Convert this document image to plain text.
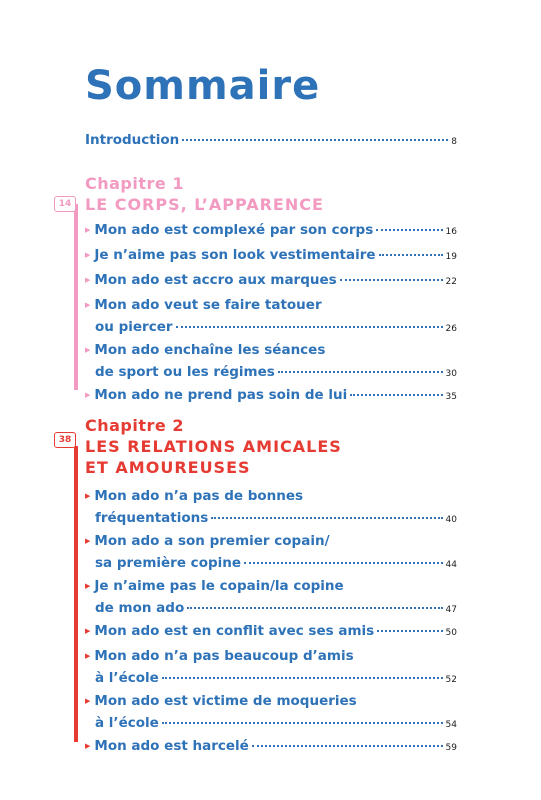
Sommaire
Introduction	8
14
Chapitre 1
LE CORPS, L’APPARENCE
▶ Mon ado est complexé par son corps	16
▶ Je n’aime pas son look vestimentaire	19
▶ Mon ado est accro aux marques	22
▶ Mon ado veut se faire tatouer
ou piercer	26
▶ Mon ado enchaîne les séances
de sport ou les régimes	30
▶ Mon ado ne prend pas soin de lui	35
38
Chapitre 2
LES RELATIONS AMICALES
ET AMOUREUSES
▶ Mon ado n’a pas de bonnes
fréquentations	40
▶ Mon ado a son premier copain/
sa première copine	44
▶ Je n’aime pas le copain/la copine
de mon ado	47
▶ Mon ado est en conflit avec ses amis	50
▶ Mon ado n’a pas beaucoup d’amis
à l’école	52
▶ Mon ado est victime de moqueries
à l’école	54
▶ Mon ado est harcelé	59
